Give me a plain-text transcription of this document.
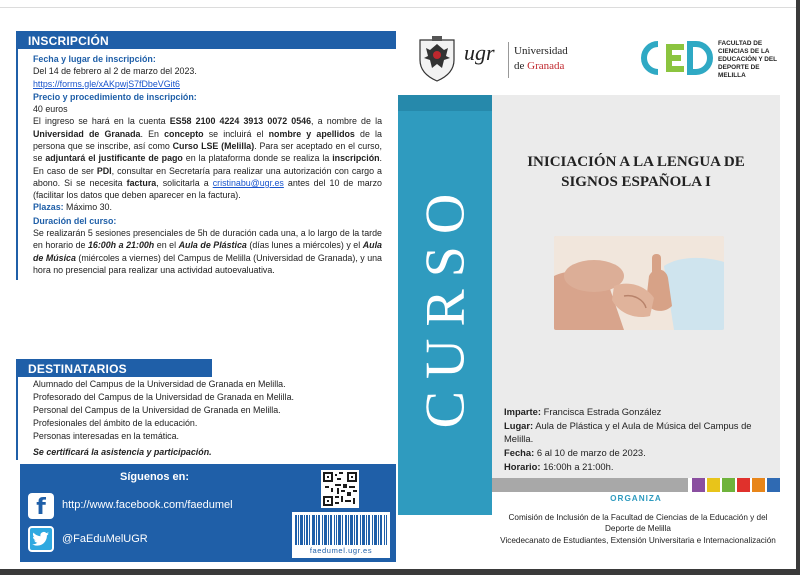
INSCRIPCIÓN
Fecha y lugar de inscripción:
Del 14 de febrero al 2 de marzo del 2023.
https://forms.gle/xAKpwjS7fDbeVGit6
Precio y procedimiento de inscripción:
40 euros
El ingreso se hará en la cuenta ES58 2100 4224 3913 0072 0546, a nombre de la Universidad de Granada. En concepto se incluirá el nombre y apellidos de la persona que se inscribe, así como Curso LSE (Melilla). Para ser aceptado en el curso, se adjuntará el justificante de pago en la plataforma donde se realiza la inscripción. En caso de ser PDI, consultar en Secretaría para realizar una autorización con cargo a abono. Si se necesita factura, solicitarla a cristinabu@ugr.es antes del 10 de marzo (facilitar los datos que deben aparecer en la factura).
Plazas: Máximo 30.
Duración del curso:
Se realizarán 5 sesiones presenciales de 5h de duración cada una, a lo largo de la tarde en horario de 16:00h a 21:00h en el Aula de Plástica (días lunes a miércoles) y el Aula de Música (miércoles a viernes) del Campus de Melilla (Universidad de Granada), y una hora no presencial para realizar una actividad autoevaluativa.
DESTINATARIOS
Alumnado del Campus de la Universidad de Granada en Melilla.
Profesorado del Campus de la Universidad de Granada en Melilla.
Personal del Campus de la Universidad de Granada en Melilla.
Profesionales del ámbito de la educación.
Personas interesadas en la temática.
Se certificará la asistencia y participación.
Síguenos en:
f	http://www.facebook.com/faedumel
@FaEduMelUGR
faedumel.ugr.es
CURSO
ugr Universidad
de Granada
FACULTAD DE
CIENCIAS DE LA
EDUCACIÓN Y DEL
DEPORTE DE
MELILLA
INICIACIÓN A LA LENGUA DE
SIGNOS ESPAÑOLA I
Imparte: Francisca Estrada González
Lugar: Aula de Plástica y el Aula de Música del Campus de Melilla.
Fecha: 6 al 10 de marzo de 2023.
Horario: 16:00h a 21:00h.
ORGANIZA
Comisión de Inclusión de la Facultad de Ciencias de la Educación y del Deporte de Melilla
Vicedecanato de Estudiantes, Extensión Universitaria e Internacionalización
